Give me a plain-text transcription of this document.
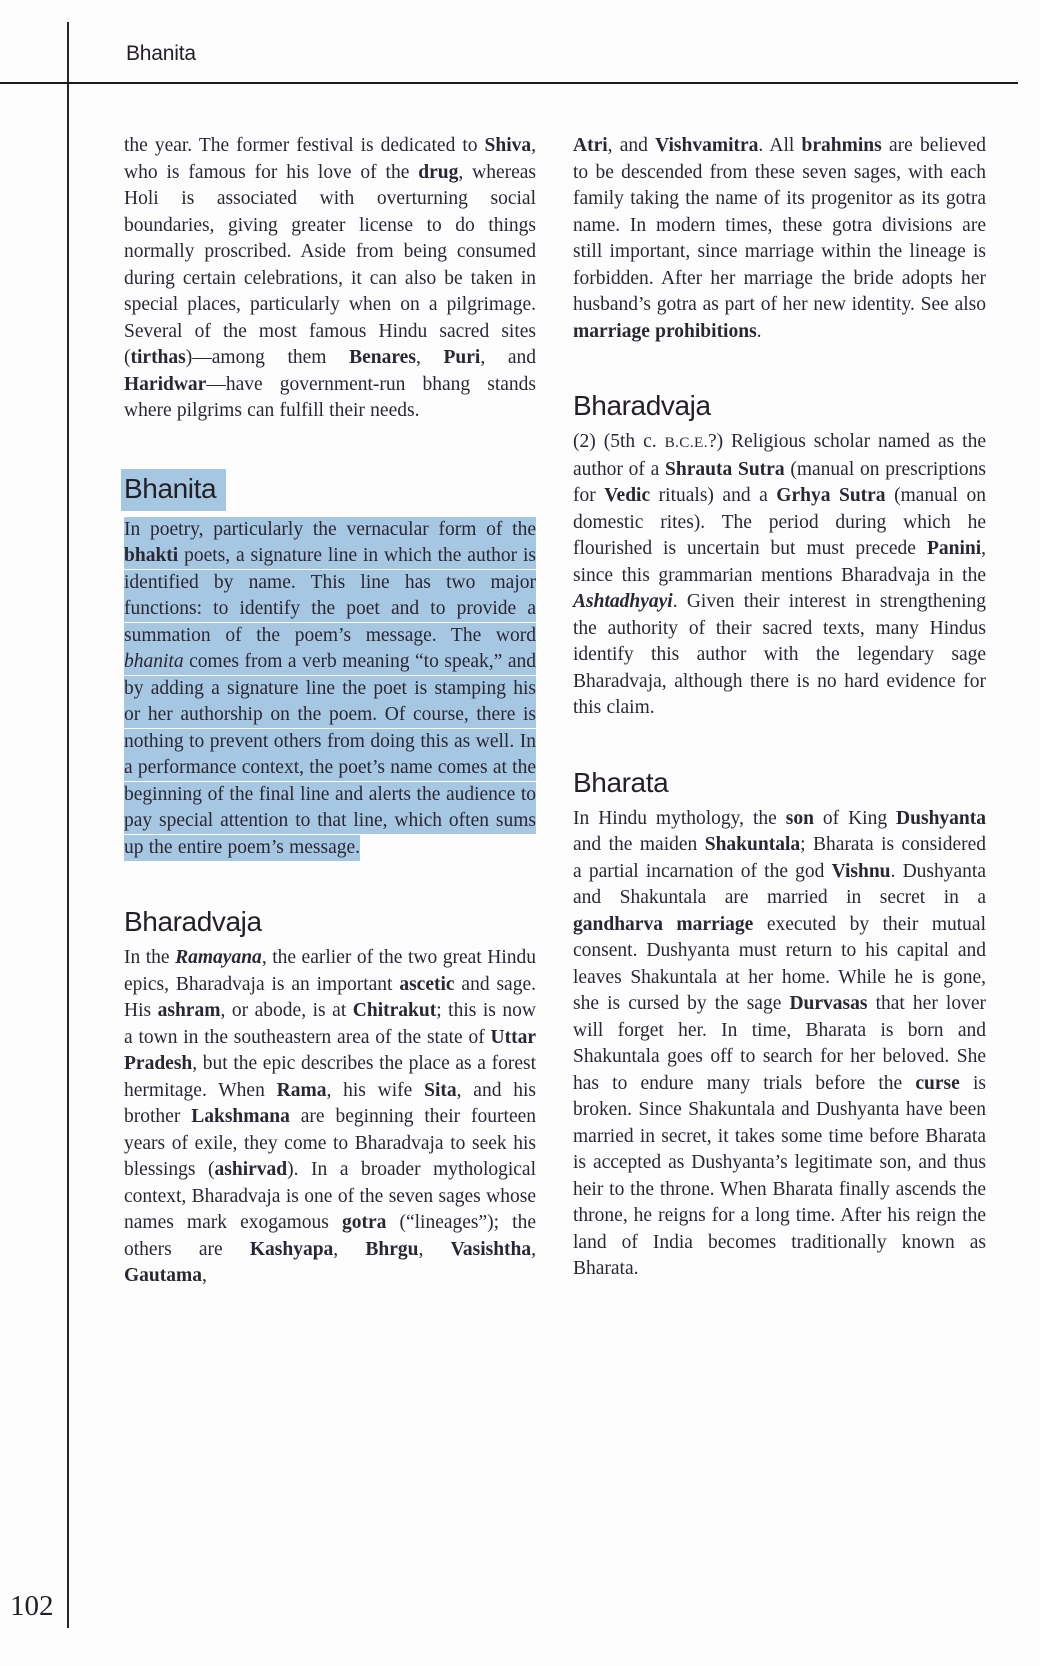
Bhanita

the year. The former festival is dedicated to Shiva, who is famous for his love of the drug, whereas Holi is associated with overturning social boundaries, giving greater license to do things normally proscribed. Aside from being consumed during certain celebrations, it can also be taken in special places, particularly when on a pilgrimage. Several of the most famous Hindu sacred sites (tirthas)—among them Benares, Puri, and Haridwar—have government-run bhang stands where pilgrims can fulfill their needs.

Bhanita

In poetry, particularly the vernacular form of the bhakti poets, a signature line in which the author is identified by name. This line has two major functions: to identify the poet and to provide a summation of the poem’s message. The word bhanita comes from a verb meaning “to speak,” and by adding a signature line the poet is stamping his or her authorship on the poem. Of course, there is nothing to prevent others from doing this as well. In a performance context, the poet’s name comes at the beginning of the final line and alerts the audience to pay special attention to that line, which often sums up the entire poem’s message.

Bharadvaja

In the Ramayana, the earlier of the two great Hindu epics, Bharadvaja is an important ascetic and sage. His ashram, or abode, is at Chitrakut; this is now a town in the southeastern area of the state of Uttar Pradesh, but the epic describes the place as a forest hermitage. When Rama, his wife Sita, and his brother Lakshmana are beginning their fourteen years of exile, they come to Bharadvaja to seek his blessings (ashirvad). In a broader mythological context, Bharadvaja is one of the seven sages whose names mark exogamous gotra (“lineages”); the others are Kashyapa, Bhrgu, Vasishtha, Gautama,

Atri, and Vishvamitra. All brahmins are believed to be descended from these seven sages, with each family taking the name of its progenitor as its gotra name. In modern times, these gotra divisions are still important, since marriage within the lineage is forbidden. After her marriage the bride adopts her husband’s gotra as part of her new identity. See also marriage prohibitions.

Bharadvaja

(2) (5th c. B.C.E.?) Religious scholar named as the author of a Shrauta Sutra (manual on prescriptions for Vedic rituals) and a Grhya Sutra (manual on domestic rites). The period during which he flourished is uncertain but must precede Panini, since this grammarian mentions Bharadvaja in the Ashtadhyayi. Given their interest in strengthening the authority of their sacred texts, many Hindus identify this author with the legendary sage Bharadvaja, although there is no hard evidence for this claim.

Bharata

In Hindu mythology, the son of King Dushyanta and the maiden Shakuntala; Bharata is considered a partial incarnation of the god Vishnu. Dushyanta and Shakuntala are married in secret in a gandharva marriage executed by their mutual consent. Dushyanta must return to his capital and leaves Shakuntala at her home. While he is gone, she is cursed by the sage Durvasas that her lover will forget her. In time, Bharata is born and Shakuntala goes off to search for her beloved. She has to endure many trials before the curse is broken. Since Shakuntala and Dushyanta have been married in secret, it takes some time before Bharata is accepted as Dushyanta’s legitimate son, and thus heir to the throne. When Bharata finally ascends the throne, he reigns for a long time. After his reign the land of India becomes traditionally known as Bharata.

102
